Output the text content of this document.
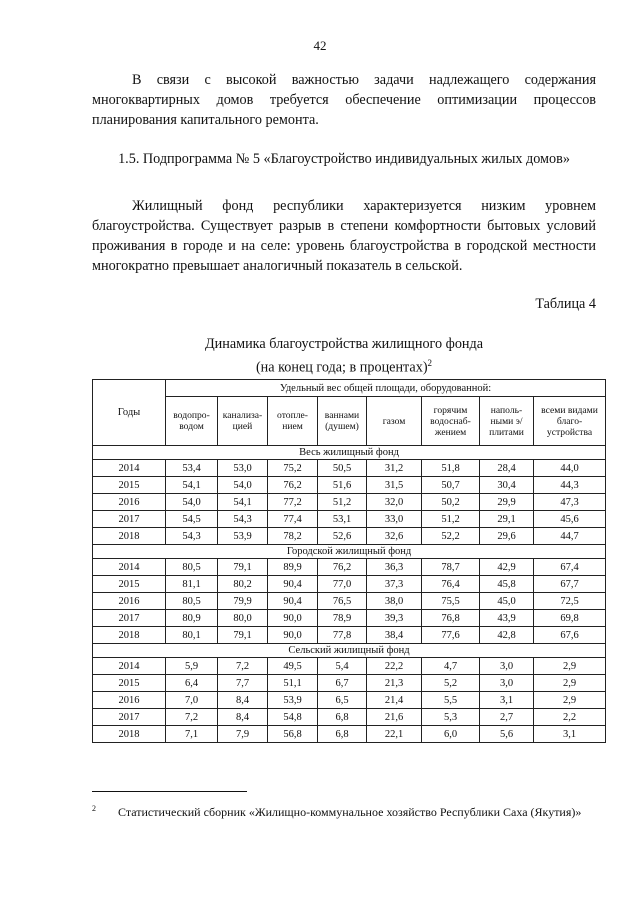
42

В связи с высокой важностью задачи надлежащего содержания многоквартирных домов требуется обеспечение оптимизации процессов планирования капитального ремонта.

1.5. Подпрограмма № 5 «Благоустройство индивидуальных жилых домов»

Жилищный фонд республики характеризуется низким уровнем благоустройства. Существует разрыв в степени комфортности бытовых условий проживания в городе и на селе: уровень благоустройства в городской местности многократно превышает аналогичный показатель в сельской.

Таблица 4

Динамика благоустройства жилищного фонда
(на конец года; в процентах)$^2$

Годы	Удельный вес общей площади, оборудованной:							
	водопро-водом	канализа-цией	отопле-нием	ваннами (душем)	газом	горячим водоснаб-жением	наполь-ными э/плитами	всеми видами благо-устройства
Весь жилищный фонд								
2014	53,4	53,0	75,2	50,5	31,2	51,8	28,4	44,0
2015	54,1	54,0	76,2	51,6	31,5	50,7	30,4	44,3
2016	54,0	54,1	77,2	51,2	32,0	50,2	29,9	47,3
2017	54,5	54,3	77,4	53,1	33,0	51,2	29,1	45,6
2018	54,3	53,9	78,2	52,6	32,6	52,2	29,6	44,7
Городской жилищный фонд								
2014	80,5	79,1	89,9	76,2	36,3	78,7	42,9	67,4
2015	81,1	80,2	90,4	77,0	37,3	76,4	45,8	67,7
2016	80,5	79,9	90,4	76,5	38,0	75,5	45,0	72,5
2017	80,9	80,0	90,0	78,9	39,3	76,8	43,9	69,8
2018	80,1	79,1	90,0	77,8	38,4	77,6	42,8	67,6
Сельский жилищный фонд								
2014	5,9	7,2	49,5	5,4	22,2	4,7	3,0	2,9
2015	6,4	7,7	51,1	6,7	21,3	5,2	3,0	2,9
2016	7,0	8,4	53,9	6,5	21,4	5,5	3,1	2,9
2017	7,2	8,4	54,8	6,8	21,6	5,3	2,7	2,2
2018	7,1	7,9	56,8	6,8	22,1	6,0	5,6	3,1

$^2$ Статистический сборник «Жилищно-коммунальное хозяйство Республики Саха (Якутия)»
